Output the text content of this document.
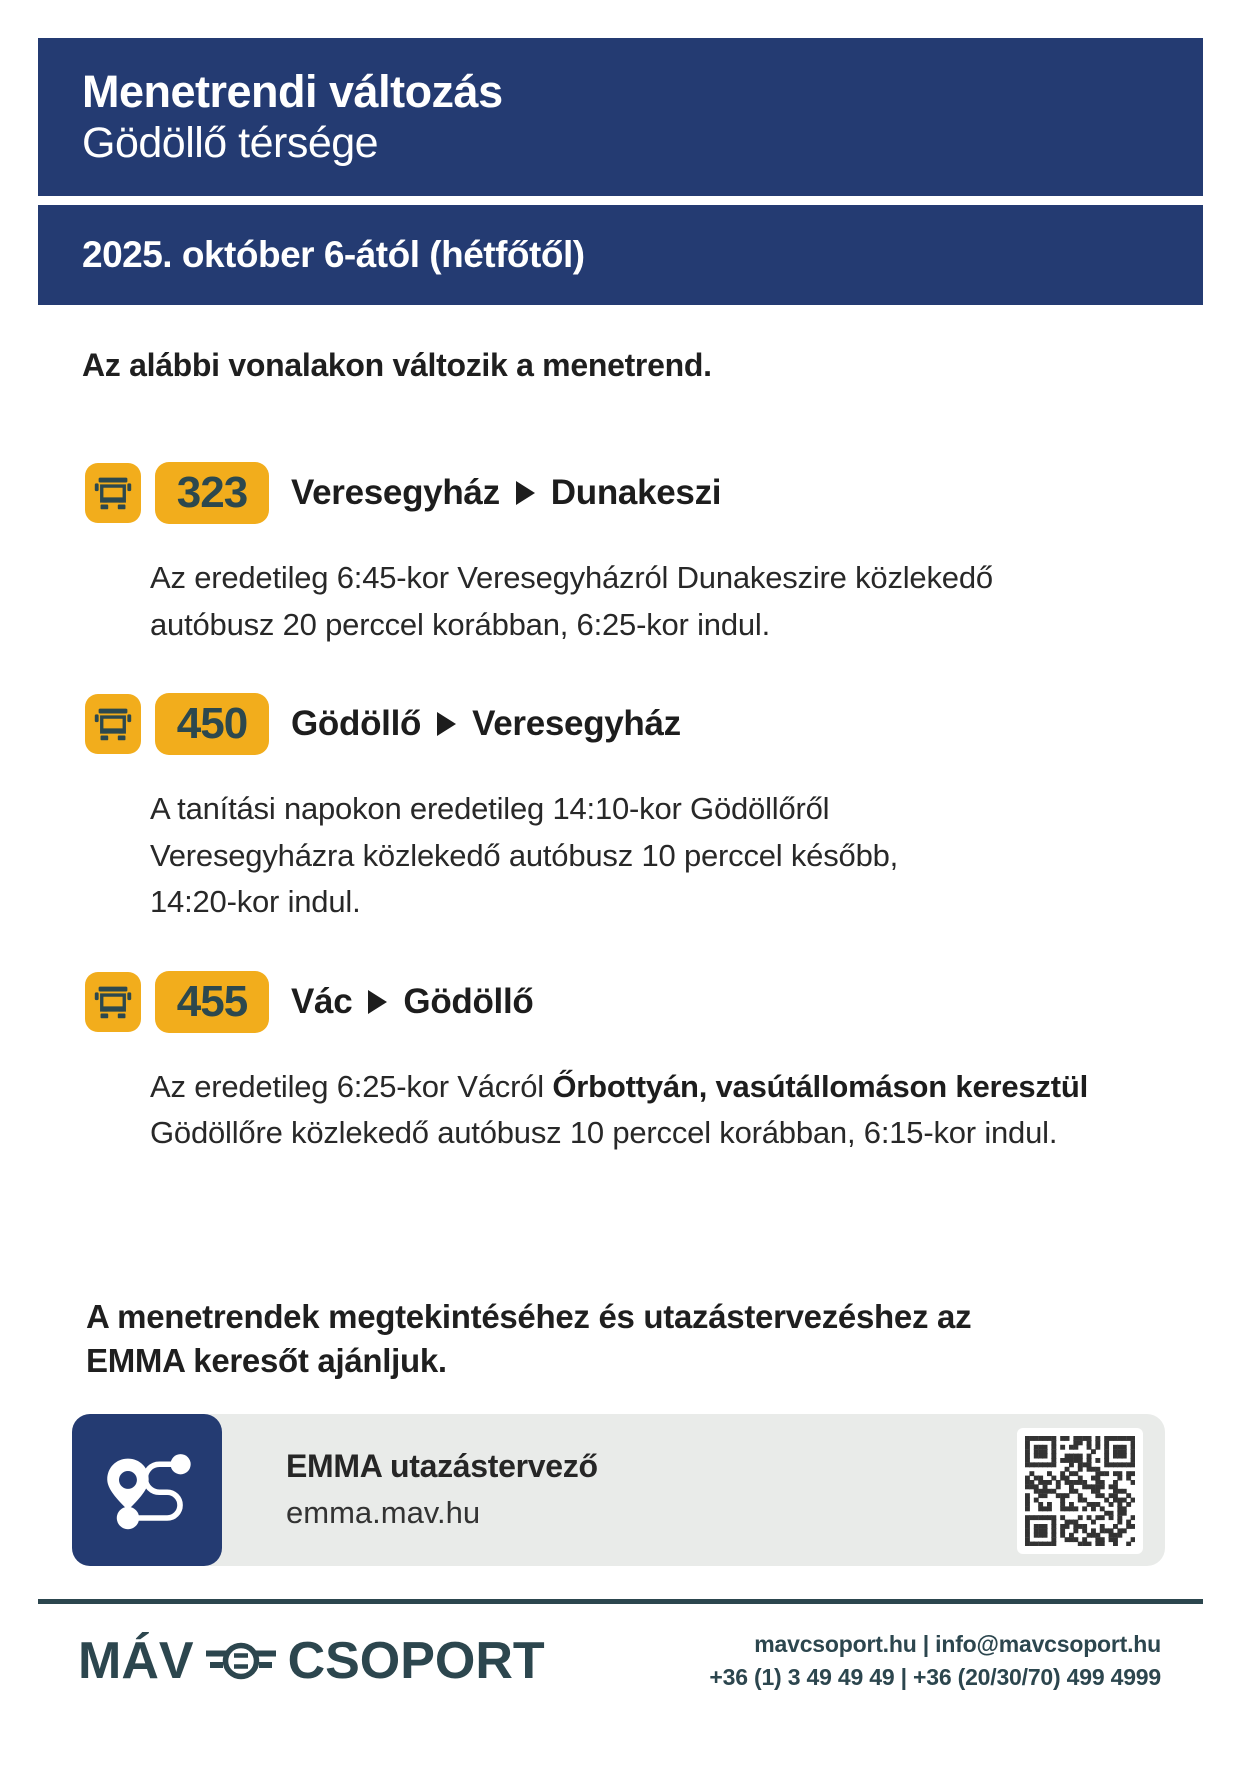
Menetrendi változás
Gödöllő térsége
2025. október 6-ától (hétfőtől)
Az alábbi vonalakon változik a menetrend.
323	Veresegyház Dunakeszi
Az eredetileg 6:45-kor Veresegyházról Dunakeszire közlekedő autóbusz 20 perccel korábban, 6:25-kor indul.
450	Gödöllő Veresegyház
A tanítási napokon eredetileg 14:10-kor Gödöllőről Veresegyházra közlekedő autóbusz 10 perccel később, 14:20-kor indul.
455	Vác Gödöllő
Az eredetileg 6:25-kor Vácról Őrbottyán, vasútállomáson keresztül Gödöllőre közlekedő autóbusz 10 perccel korábban, 6:15-kor indul.
A menetrendek megtekintéséhez és utazástervezéshez az EMMA keresőt ajánljuk.
EMMA utazástervező
emma.mav.hu
MÁV CSOPORT	mavcsoport.hu | info@mavcsoport.hu
+36 (1) 3 49 49 49 | +36 (20/30/70) 499 4999
